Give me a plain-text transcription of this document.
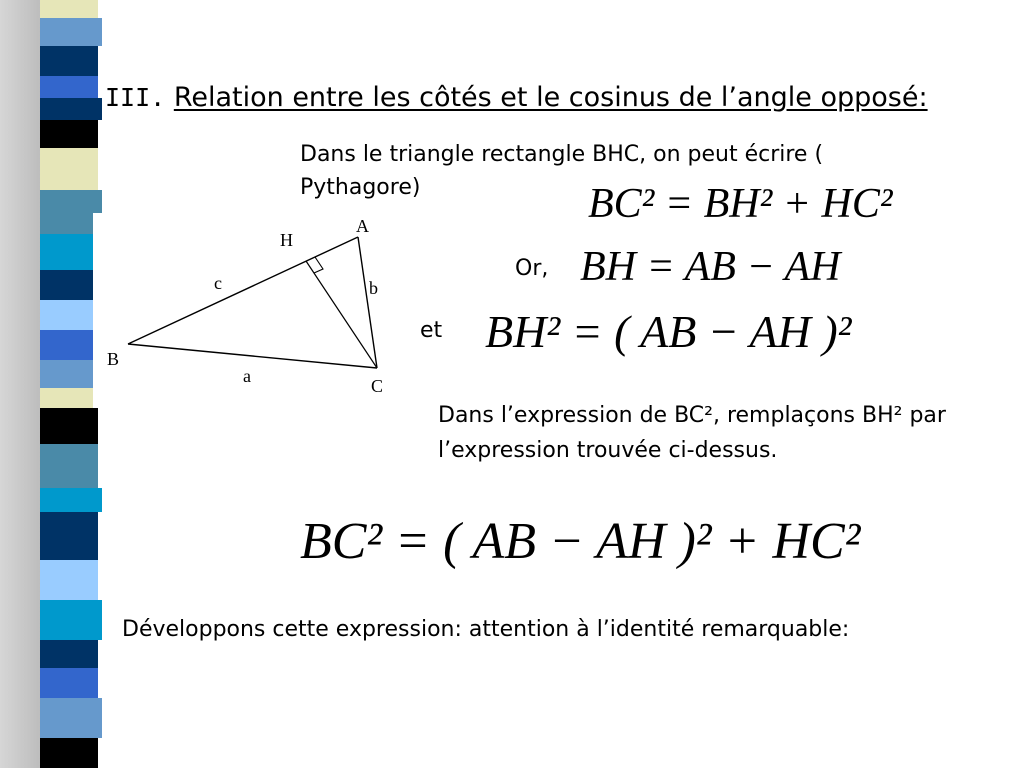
III. Relation entre les côtés et le cosinus de l’angle opposé:
Dans le triangle rectangle BHC, on peut écrire ( Pythagore)	BC² = BH² + HC²
Or, BH = AB − AH
et BH² = ( AB − AH )²
Dans l’expression de BC², remplaçons BH² par l’expression trouvée ci-dessus.
BC² = ( AB − AH )² + HC²
Développons cette expression: attention à l’identité remarquable:
A
B
C
H
c	b
a
